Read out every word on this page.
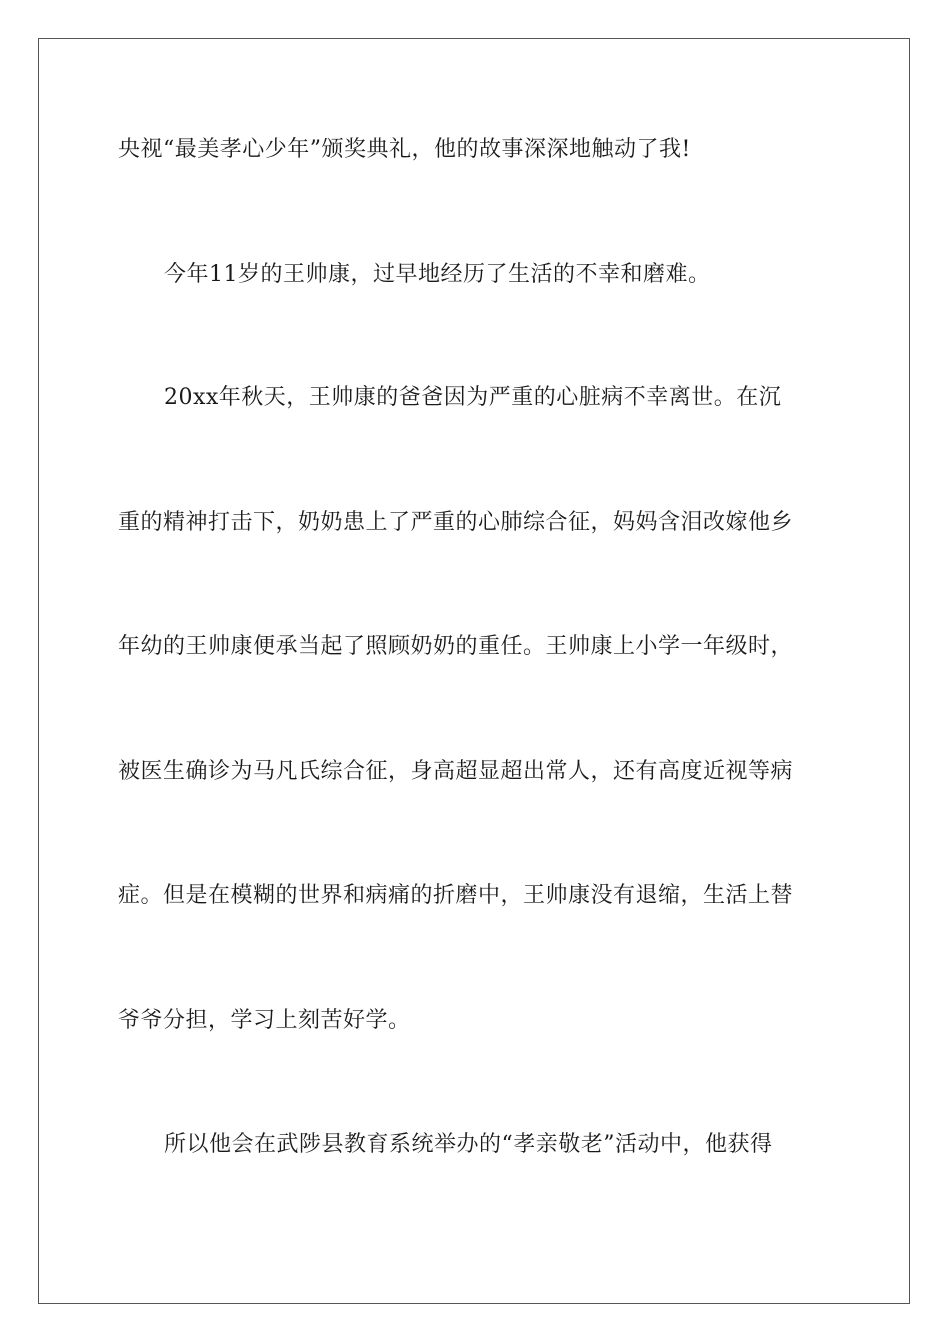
央视“最美孝心少年”颁奖典礼，他的故事深深地触动了我!
今年11岁的王帅康，过早地经历了生活的不幸和磨难。
20xx年秋天，王帅康的爸爸因为严重的心脏病不幸离世。在沉
重的精神打击下，奶奶患上了严重的心肺综合征，妈妈含泪改嫁他乡
年幼的王帅康便承当起了照顾奶奶的重任。王帅康上小学一年级时，
被医生确诊为马凡氏综合征，身高超显超出常人，还有高度近视等病
症。但是在模糊的世界和病痛的折磨中，王帅康没有退缩，生活上替
爷爷分担，学习上刻苦好学。
所以他会在武陟县教育系统举办的“孝亲敬老”活动中，他获得
